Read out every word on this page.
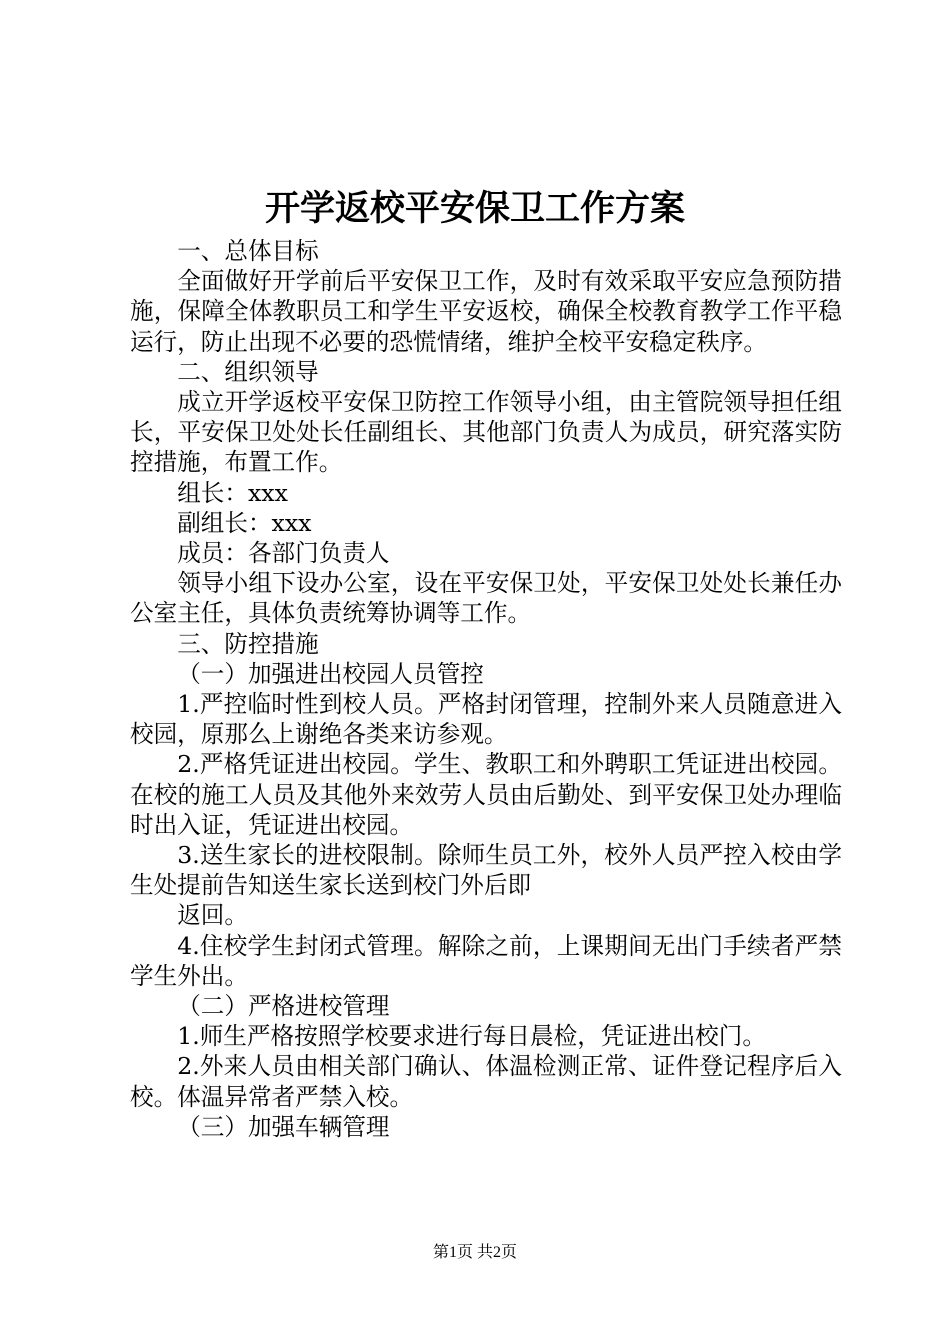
开学返校平安保卫工作方案

一、总体目标

全面做好开学前后平安保卫工作，及时有效采取平安应急预防措施，保障全体教职员工和学生平安返校，确保全校教育教学工作平稳运行，防止出现不必要的恐慌情绪，维护全校平安稳定秩序。

二、组织领导

成立开学返校平安保卫防控工作领导小组，由主管院领导担任组长，平安保卫处处长任副组长、其他部门负责人为成员，研究落实防控措施，布置工作。

组长：xxx

副组长：xxx

成员：各部门负责人

领导小组下设办公室，设在平安保卫处，平安保卫处处长兼任办公室主任，具体负责统筹协调等工作。

三、防控措施

（一）加强进出校园人员管控

1.严控临时性到校人员。严格封闭管理，控制外来人员随意进入校园，原那么上谢绝各类来访参观。

2.严格凭证进出校园。学生、教职工和外聘职工凭证进出校园。在校的施工人员及其他外来效劳人员由后勤处、到平安保卫处办理临时出入证，凭证进出校园。

3.送生家长的进校限制。除师生员工外，校外人员严控入校由学生处提前告知送生家长送到校门外后即

返回。

4.住校学生封闭式管理。解除之前，上课期间无出门手续者严禁学生外出。

（二）严格进校管理

1.师生严格按照学校要求进行每日晨检，凭证进出校门。

2.外来人员由相关部门确认、体温检测正常、证件登记程序后入校。体温异常者严禁入校。

（三）加强车辆管理

第1页 共2页
